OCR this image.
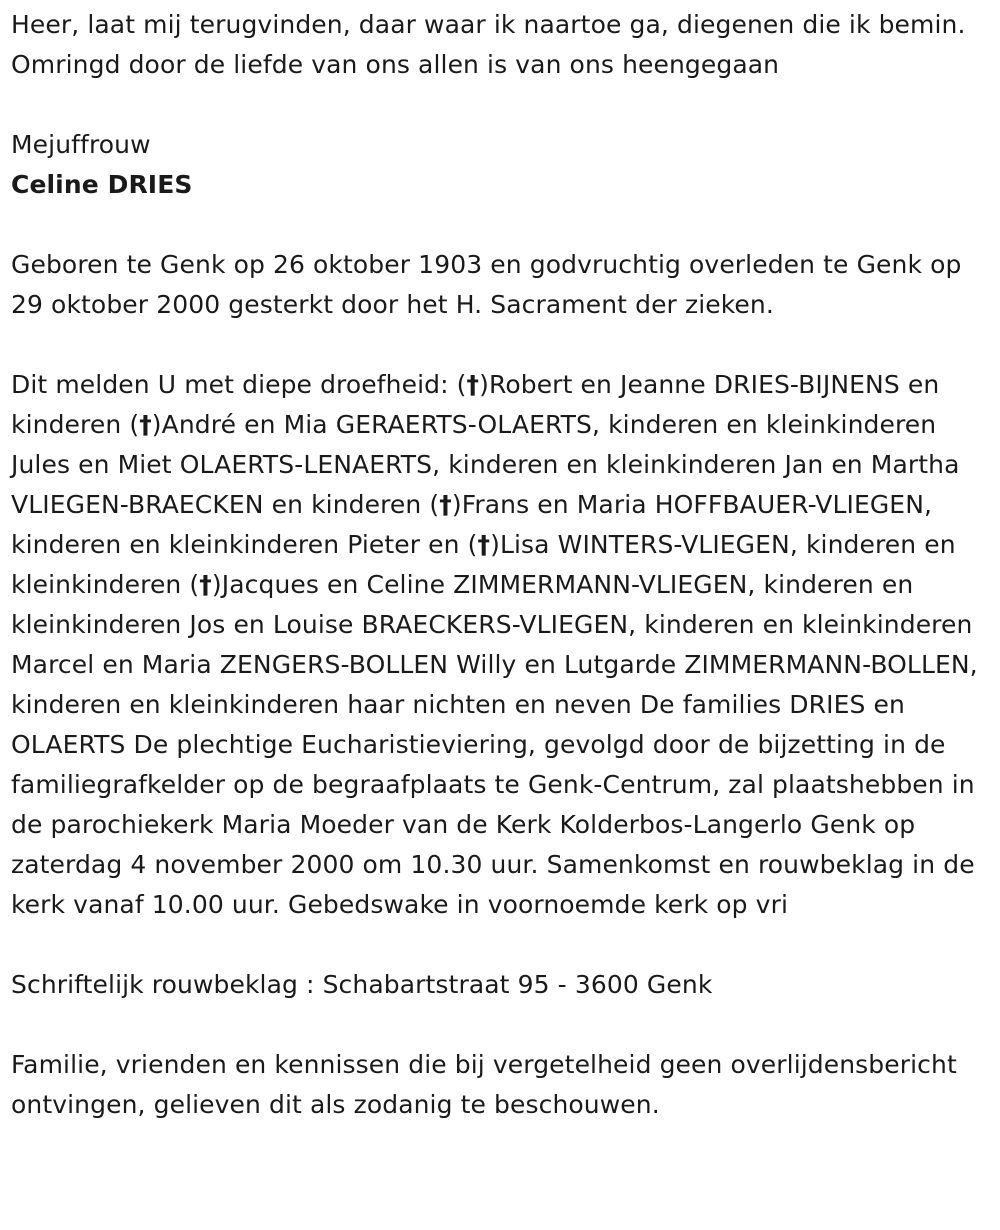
Heer, laat mij terugvinden, daar waar ik naartoe ga, diegenen die ik bemin. Omringd door de liefde van ons allen is van ons heengegaan

Mejuffrouw

Celine DRIES

Geboren te Genk op 26 oktober 1903 en godvruchtig overleden te Genk op 29 oktober 2000 gesterkt door het H. Sacrament der zieken.

Dit melden U met diepe droefheid: (†)Robert en Jeanne DRIES-BIJNENS en kinderen (†)André en Mia GERAERTS-OLAERTS, kinderen en kleinkinderen Jules en Miet OLAERTS-LENAERTS, kinderen en kleinkinderen Jan en Martha VLIEGEN-BRAECKEN en kinderen (†)Frans en Maria HOFFBAUER-VLIEGEN, kinderen en kleinkinderen Pieter en (†)Lisa WINTERS-VLIEGEN, kinderen en kleinkinderen (†)Jacques en Celine ZIMMERMANN-VLIEGEN, kinderen en kleinkinderen Jos en Louise BRAECKERS-VLIEGEN, kinderen en kleinkinderen Marcel en Maria ZENGERS-BOLLEN Willy en Lutgarde ZIMMERMANN-BOLLEN, kinderen en kleinkinderen haar nichten en neven De families DRIES en OLAERTS De plechtige Eucharistieviering, gevolgd door de bijzetting in de familiegrafkelder op de begraafplaats te Genk-Centrum, zal plaatshebben in de parochiekerk Maria Moeder van de Kerk Kolderbos-Langerlo Genk op zaterdag 4 november 2000 om 10.30 uur. Samenkomst en rouwbeklag in de kerk vanaf 10.00 uur. Gebedswake in voornoemde kerk op vri

Schriftelijk rouwbeklag : Schabartstraat 95 - 3600 Genk

Familie, vrienden en kennissen die bij vergetelheid geen overlijdensbericht ontvingen, gelieven dit als zodanig te beschouwen.
